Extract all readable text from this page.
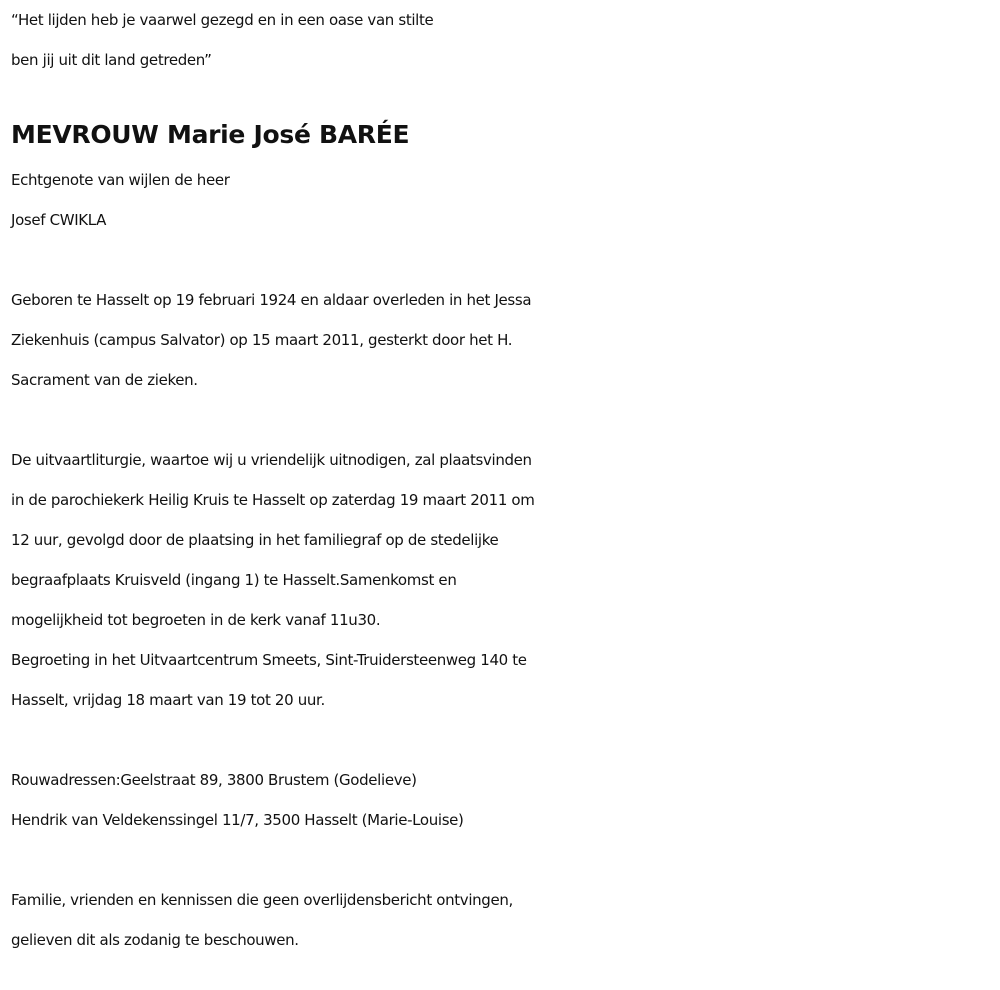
“Het lijden heb je vaarwel gezegd en in een oase van stilte
ben jij uit dit land getreden”
MEVROUW Marie José BARÉE
Echtgenote van wijlen de heer
Josef CWIKLA
Geboren te Hasselt op 19 februari 1924 en aldaar overleden in het Jessa
Ziekenhuis (campus Salvator) op 15 maart 2011, gesterkt door het H.
Sacrament van de zieken.
De uitvaartliturgie, waartoe wij u vriendelijk uitnodigen, zal plaatsvinden
in de parochiekerk Heilig Kruis te Hasselt op zaterdag 19 maart 2011 om
12 uur, gevolgd door de plaatsing in het familiegraf op de stedelijke
begraafplaats Kruisveld (ingang 1) te Hasselt.Samenkomst en
mogelijkheid tot begroeten in de kerk vanaf 11u30.
Begroeting in het Uitvaartcentrum Smeets, Sint-Truidersteenweg 140 te
Hasselt, vrijdag 18 maart van 19 tot 20 uur.
Rouwadressen:Geelstraat 89, 3800 Brustem (Godelieve)
Hendrik van Veldekenssingel 11/7, 3500 Hasselt (Marie-Louise)
Familie, vrienden en kennissen die geen overlijdensbericht ontvingen,
gelieven dit als zodanig te beschouwen.
